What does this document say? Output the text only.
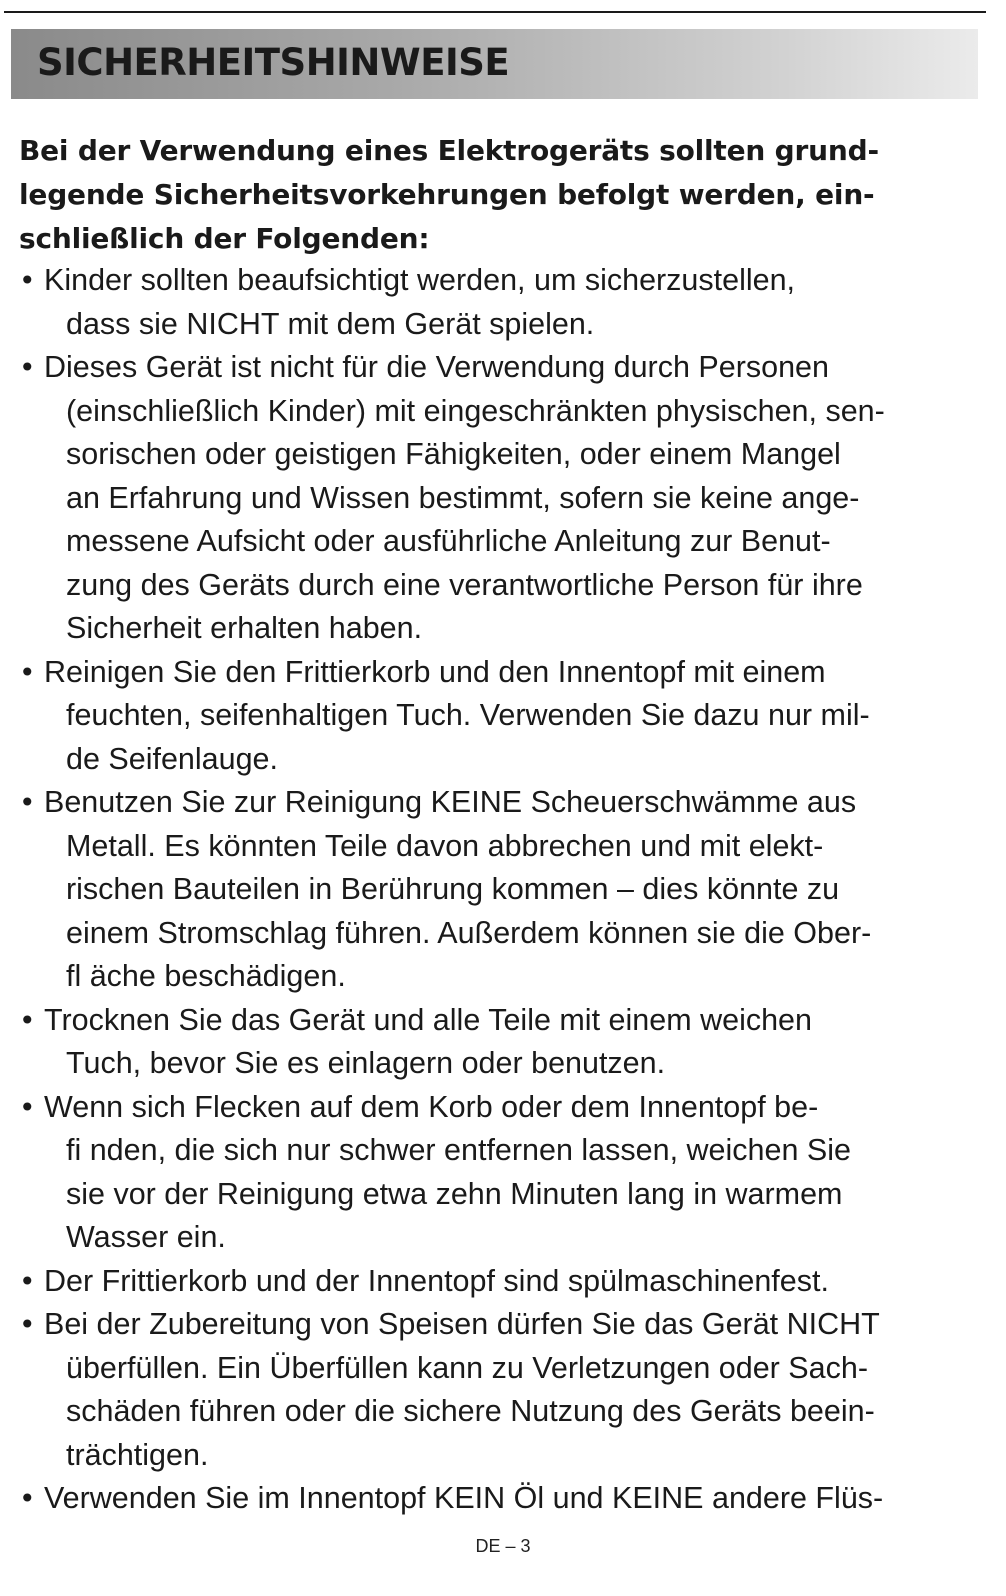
SICHERHEITSHINWEISE

Bei der Verwendung eines Elektrogeräts sollten grund-
legende Sicherheitsvorkehrungen befolgt werden, ein-
schließlich der Folgenden:

• Kinder sollten beaufsichtigt werden, um sicherzustellen,
dass sie NICHT mit dem Gerät spielen.
• Dieses Gerät ist nicht für die Verwendung durch Personen
(einschließlich Kinder) mit eingeschränkten physischen, sen-
sorischen oder geistigen Fähigkeiten, oder einem Mangel
an Erfahrung und Wissen bestimmt, sofern sie keine ange-
messene Aufsicht oder ausführliche Anleitung zur Benut-
zung des Geräts durch eine verantwortliche Person für ihre
Sicherheit erhalten haben.
• Reinigen Sie den Frittierkorb und den Innentopf mit einem
feuchten, seifenhaltigen Tuch. Verwenden Sie dazu nur mil-
de Seifenlauge.
• Benutzen Sie zur Reinigung KEINE Scheuerschwämme aus
Metall. Es könnten Teile davon abbrechen und mit elekt-
rischen Bauteilen in Berührung kommen – dies könnte zu
einem Stromschlag führen. Außerdem können sie die Ober-
fl äche beschädigen.
• Trocknen Sie das Gerät und alle Teile mit einem weichen
Tuch, bevor Sie es einlagern oder benutzen.
• Wenn sich Flecken auf dem Korb oder dem Innentopf be-
fi nden, die sich nur schwer entfernen lassen, weichen Sie
sie vor der Reinigung etwa zehn Minuten lang in warmem
Wasser ein.
• Der Frittierkorb und der Innentopf sind spülmaschinenfest.
• Bei der Zubereitung von Speisen dürfen Sie das Gerät NICHT
überfüllen. Ein Überfüllen kann zu Verletzungen oder Sach-
schäden führen oder die sichere Nutzung des Geräts beein-
trächtigen.
• Verwenden Sie im Innentopf KEIN Öl und KEINE andere Flüs-
DE – 3
